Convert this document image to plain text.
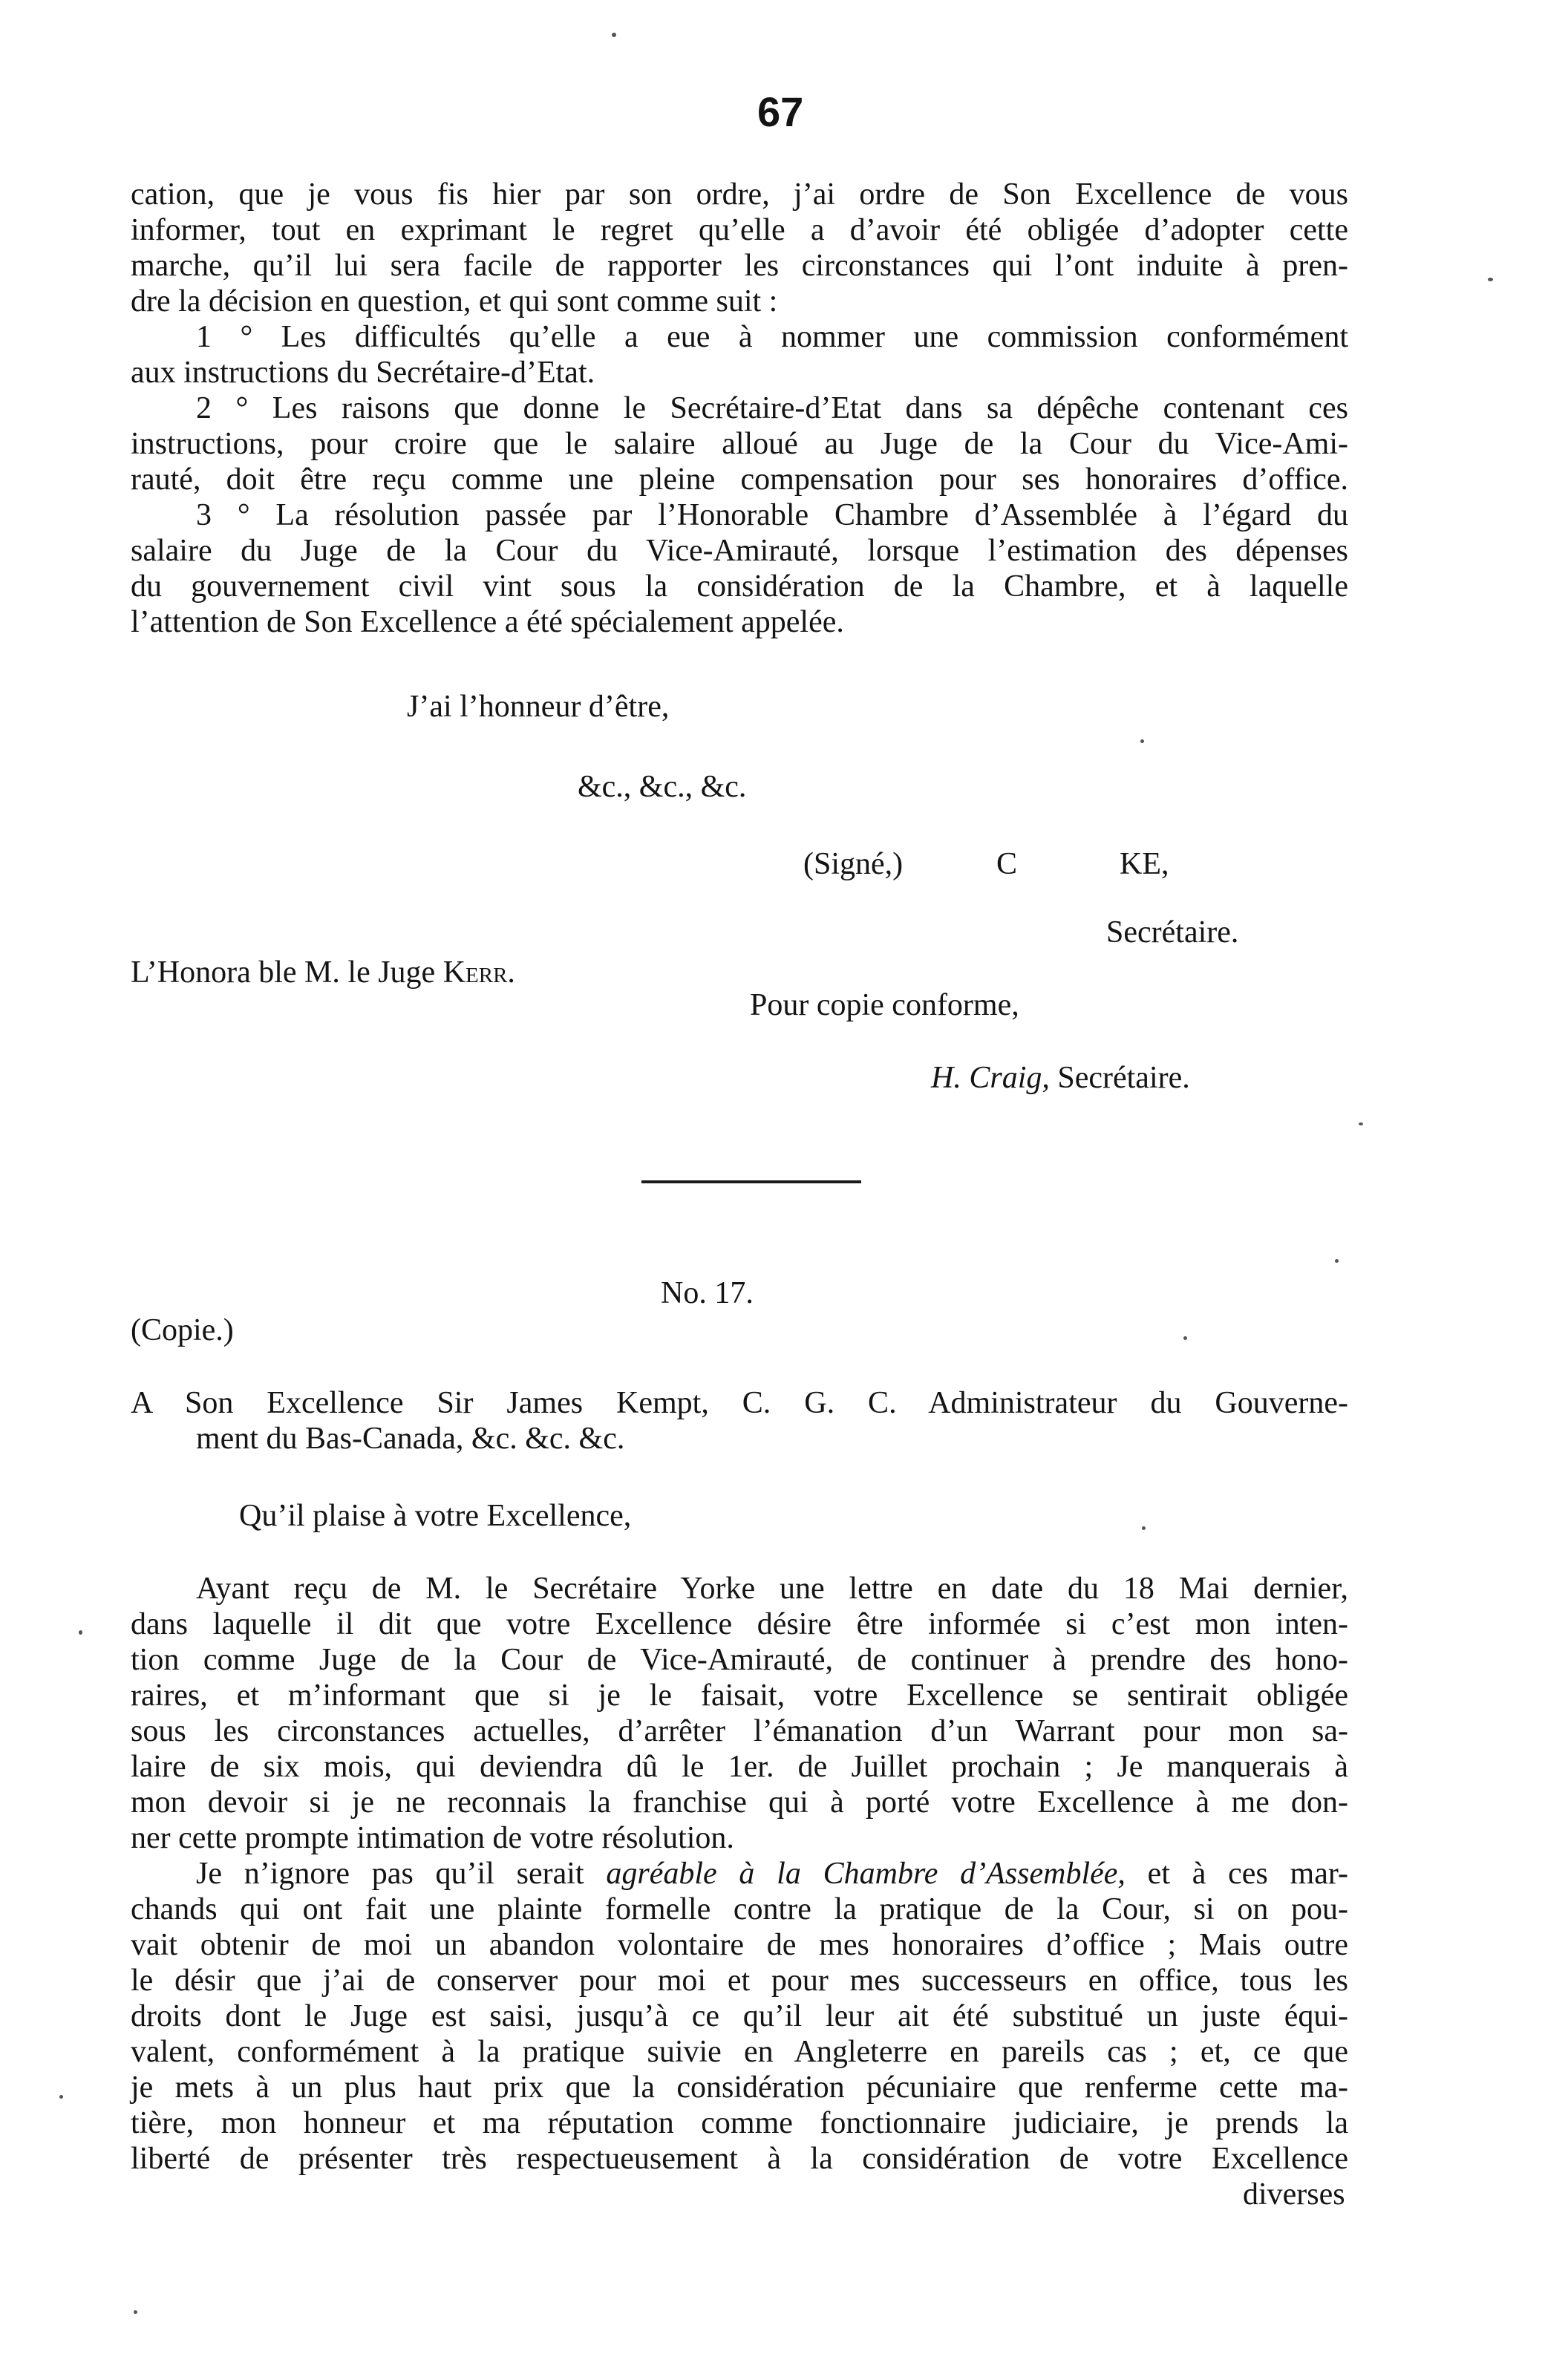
67
cation, que je vous fis hier par son ordre, j’ai ordre de Son Excellence de vous
informer, tout en exprimant le regret qu’elle a d’avoir été obligée d’adopter cette
marche, qu’il lui sera facile de rapporter les circonstances qui l’ont induite à pren-
dre la décision en question, et qui sont comme suit :
1 ° Les difficultés qu’elle a eue à nommer une commission conformément
aux instructions du Secrétaire-d’Etat.
2 ° Les raisons que donne le Secrétaire-d’Etat dans sa dépêche contenant ces
instructions, pour croire que le salaire alloué au Juge de la Cour du Vice-Ami-
rauté, doit être reçu comme une pleine compensation pour ses honoraires d’office.
3 ° La résolution passée par l’Honorable Chambre d’Assemblée à l’égard du
salaire du Juge de la Cour du Vice-Amirauté, lorsque l’estimation des dépenses
du gouvernement civil vint sous la considération de la Chambre, et à laquelle
l’attention de Son Excellence a été spécialement appelée.
J’ai l’honneur d’être,
&c., &c., &c.
(Signé,)	C	KE,
Secrétaire.
L’Honora ble M. le Juge Kerr.
Pour copie conforme,
H. Craig, Secrétaire.
No. 17.
(Copie.)
A Son Excellence Sir James Kempt, C. G. C. Administrateur du Gouverne-
ment du Bas-Canada, &c. &c. &c.
Qu’il plaise à votre Excellence,
Ayant reçu de M. le Secrétaire Yorke une lettre en date du 18 Mai dernier,
dans laquelle il dit que votre Excellence désire être informée si c’est mon inten-
tion comme Juge de la Cour de Vice-Amirauté, de continuer à prendre des hono-
raires, et m’informant que si je le faisait, votre Excellence se sentirait obligée
sous les circonstances actuelles, d’arrêter l’émanation d’un Warrant pour mon sa-
laire de six mois, qui deviendra dû le 1er. de Juillet prochain ; Je manquerais à
mon devoir si je ne reconnais la franchise qui à porté votre Excellence à me don-
ner cette prompte intimation de votre résolution.
Je n’ignore pas qu’il serait agréable à la Chambre d’Assemblée, et à ces mar-
chands qui ont fait une plainte formelle contre la pratique de la Cour, si on pou-
vait obtenir de moi un abandon volontaire de mes honoraires d’office ; Mais outre
le désir que j’ai de conserver pour moi et pour mes successeurs en office, tous les
droits dont le Juge est saisi, jusqu’à ce qu’il leur ait été substitué un juste équi-
valent, conformément à la pratique suivie en Angleterre en pareils cas ; et, ce que
je mets à un plus haut prix que la considération pécuniaire que renferme cette ma-
tière, mon honneur et ma réputation comme fonctionnaire judiciaire, je prends la
liberté de présenter très respectueusement à la considération de votre Excellence
diverses
